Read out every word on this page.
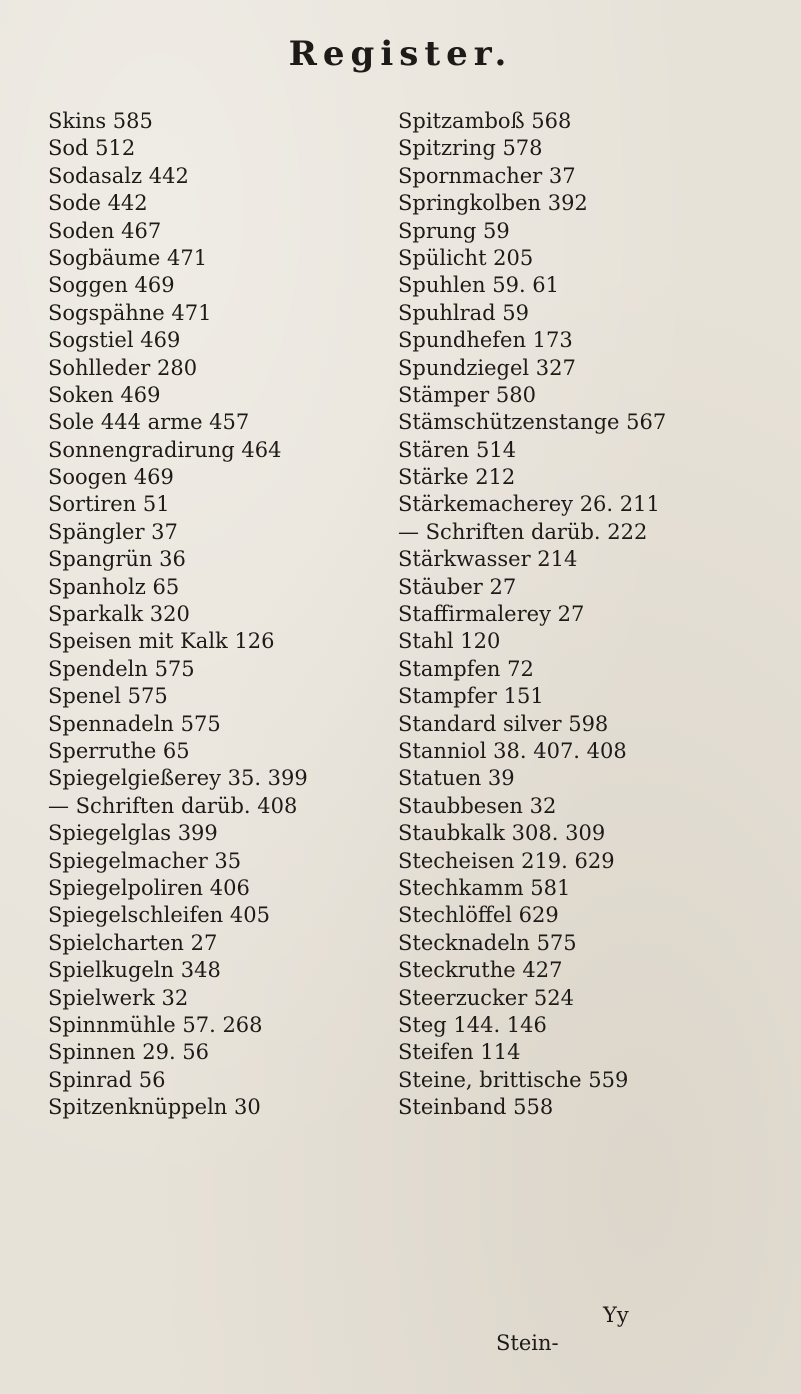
Register.
Skins 585
Sod 512
Sodasalz 442
Sode 442
Soden 467
Sogbäume 471
Soggen 469
Sogspähne 471
Sogstiel 469
Sohlleder 280
Soken 469
Sole 444 arme 457
Sonnengradirung 464
Soogen 469
Sortiren 51
Spängler 37
Spangrün 36
Spanholz 65
Sparkalk 320
Speisen mit Kalk 126
Spendeln 575
Spenel 575
Spennadeln 575
Sperruthe 65
Spiegelgießerey 35. 399
— Schriften darüb. 408
Spiegelglas 399
Spiegelmacher 35
Spiegelpoliren 406
Spiegelschleifen 405
Spielcharten 27
Spielkugeln 348
Spielwerk 32
Spinnmühle 57. 268
Spinnen 29. 56
Spinrad 56
Spitzenknüppeln 30
Spitzamboß 568
Spitzring 578
Spornmacher 37
Springkolben 392
Sprung 59
Spülicht 205
Spuhlen 59. 61
Spuhlrad 59
Spundhefen 173
Spundziegel 327
Stämper 580
Stämschützenstange 567
Stären 514
Stärke 212
Stärkemacherey 26. 211
— Schriften darüb. 222
Stärkwasser 214
Stäuber 27
Staffirmalerey 27
Stahl 120
Stampfen 72
Stampfer 151
Standard silver 598
Stanniol 38. 407. 408
Statuen 39
Staubbesen 32
Staubkalk 308. 309
Stecheisen 219. 629
Stechkamm 581
Stechlöffel 629
Stecknadeln 575
Steckruthe 427
Steerzucker 524
Steg 144. 146
Steifen 114
Steine, brittische 559
Steinband 558
Yy Stein-
